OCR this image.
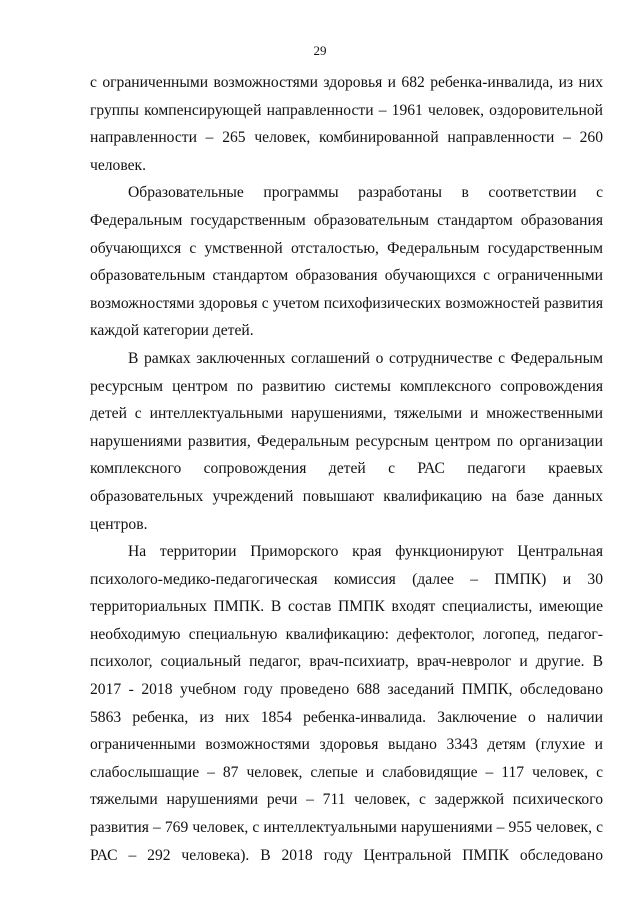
29

с ограниченными возможностями здоровья и 682 ребенка-инвалида, из них группы компенсирующей направленности – 1961 человек, оздоровительной направленности – 265 человек, комбинированной направленности – 260 человек.

Образовательные программы разработаны в соответствии с Федеральным государственным образовательным стандартом образования обучающихся с умственной отсталостью, Федеральным государственным образовательным стандартом образования обучающихся с ограниченными возможностями здоровья с учетом психофизических возможностей развития каждой категории детей.

В рамках заключенных соглашений о сотрудничестве с Федеральным ресурсным центром по развитию системы комплексного сопровождения детей с интеллектуальными нарушениями, тяжелыми и множественными нарушениями развития, Федеральным ресурсным центром по организации комплексного сопровождения детей с РАС педагоги краевых образовательных учреждений повышают квалификацию на базе данных центров.

На территории Приморского края функционируют Центральная психолого-медико-педагогическая комиссия (далее – ПМПК) и 30 территориальных ПМПК. В состав ПМПК входят специалисты, имеющие необходимую специальную квалификацию: дефектолог, логопед, педагог-психолог, социальный педагог, врач-психиатр, врач-невролог и другие. В 2017 - 2018 учебном году проведено 688 заседаний ПМПК, обследовано 5863 ребенка, из них 1854 ребенка-инвалида. Заключение о наличии ограниченными возможностями здоровья выдано 3343 детям (глухие и слабослышащие – 87 человек, слепые и слабовидящие – 117 человек, с тяжелыми нарушениями речи – 711 человек, с задержкой психического развития – 769 человек, с интеллектуальными нарушениями – 955 человек, с РАС – 292 человека). В 2018 году Центральной ПМПК обследовано
